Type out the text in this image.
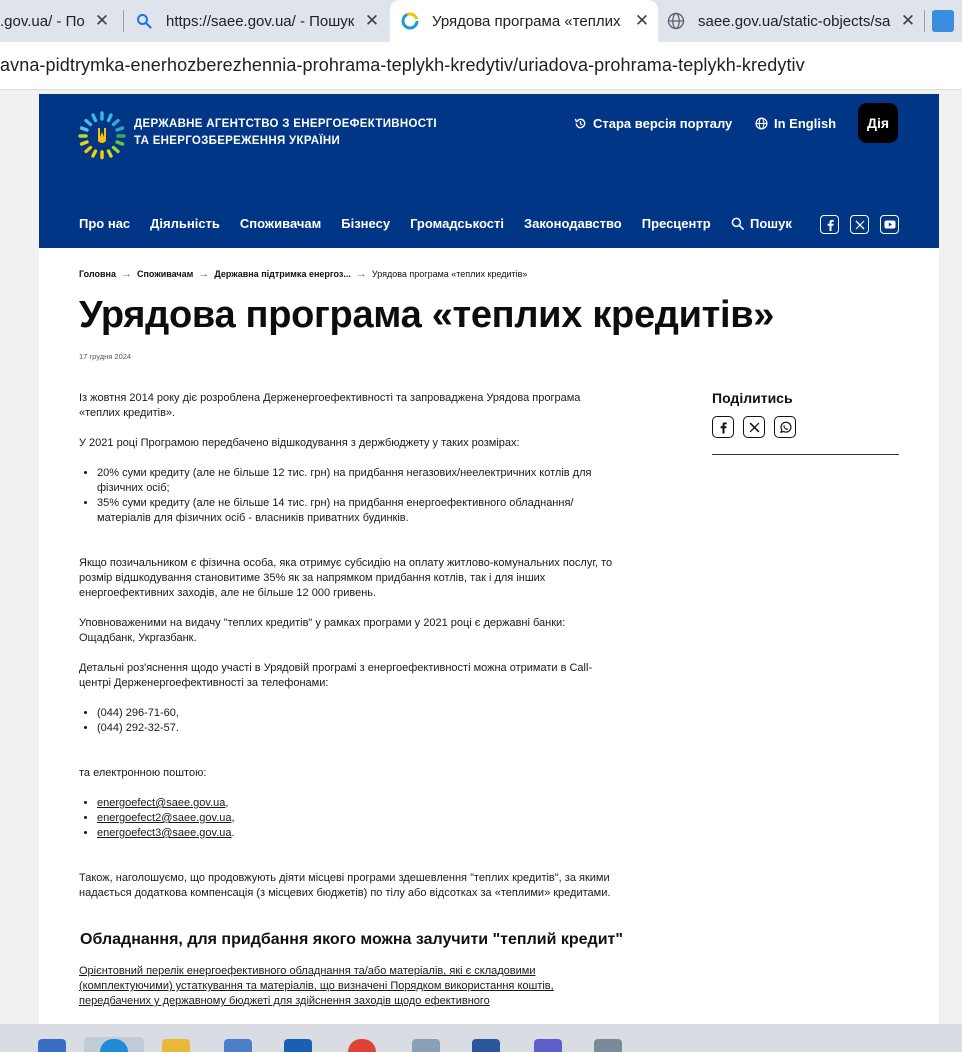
.gov.ua/ - По ✕	https://saee.gov.ua/ - Пошук ✕	Урядова програма «теплих ✕	saee.gov.ua/static-objects/sa ✕
avna-pidtrymka-enerhozberezhennia-prohrama-teplykh-kredytiv/uriadova-prohrama-teplykh-kredytiv
ДЕРЖАВНЕ АГЕНТСТВО З ЕНЕРГОЕФЕКТИВНОСТІ
ТА ЕНЕРГОЗБЕРЕЖЕННЯ УКРАЇНИ
Стара версія порталу	In English	Дія
Про нас Діяльність Споживачам Бізнесу Громадськості Законодавство Пресцентр	Пошук
Головна → Споживачам → Державна підтримка енергоз... → Урядова програма «теплих кредитів»
Урядова програма «теплих кредитів»
17 грудня 2024

Із жовтня 2014 року діє розроблена Держенергоефективності та запроваджена Урядова програма «теплих кредитів».

У 2021 році Програмою передбачено відшкодування з держбюджету у таких розмірах:

• 20% суми кредиту (але не більше 12 тис. грн) на придбання негазових/неелектричних котлів для фізичних осіб;
• 35% суми кредиту (але не більше 14 тис. грн) на придбання енергоефективного обладнання/матеріалів для фізичних осіб - власників приватних будинків.

Якщо позичальником є фізична особа, яка отримує субсидію на оплату житлово-комунальних послуг, то розмір відшкодування становитиме 35% як за напрямком придбання котлів, так і для інших енергоефективних заходів, але не більше 12 000 гривень.

Уповноваженими на видачу "теплих кредитів" у рамках програми у 2021 році є державні банки: Ощадбанк, Укргазбанк.

Детальні роз'яснення щодо участі в Урядовій програмі з енергоефективності можна отримати в Call-центрі Держенергоефективності за телефонами:

• (044) 296-71-60,
• (044) 292-32-57.

та електронною поштою:

• energoefect@saee.gov.ua,
• energoefect2@saee.gov.ua,
• energoefect3@saee.gov.ua.

Також, наголошуємо, що продовжують діяти місцеві програми здешевлення "теплих кредитів", за якими надається додаткова компенсація (з місцевих бюджетів) по тілу або відсотках за «теплими» кредитами.

Обладнання, для придбання якого можна залучити "теплий кредит"

Орієнтовний перелік енергоефективного обладнання та/або матеріалів, які є складовими (комплектуючими) устаткування та матеріалів, що визначені Порядком використання коштів, передбачених у державному бюджеті для здійснення заходів щодо ефективного

Поділитись
